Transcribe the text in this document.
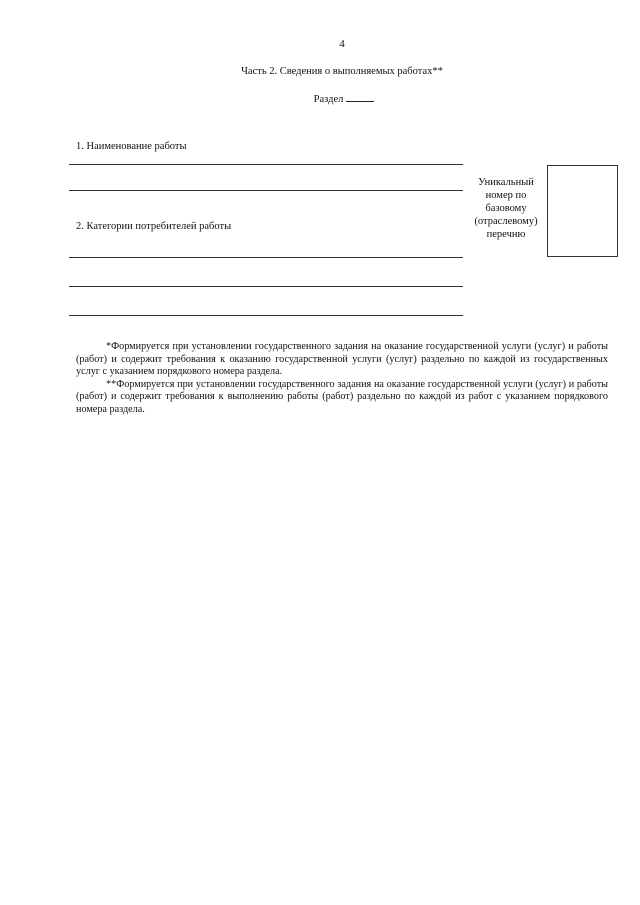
4
Часть 2. Сведения о выполняемых работах**
Раздел
1. Наименование работы
2. Категории потребителей работы
Уникальный номер по базовому (отраслевому) перечню

*Формируется при установлении государственного задания на оказание государственной услуги (услуг) и работы (работ) и содержит требования к оказанию государственной услуги (услуг) раздельно по каждой из государственных услуг с указанием порядкового номера раздела.

**Формируется при установлении государственного задания на оказание государственной услуги (услуг) и работы (работ) и содержит требования к выполнению работы (работ) раздельно по каждой из работ с указанием порядкового номера раздела.
